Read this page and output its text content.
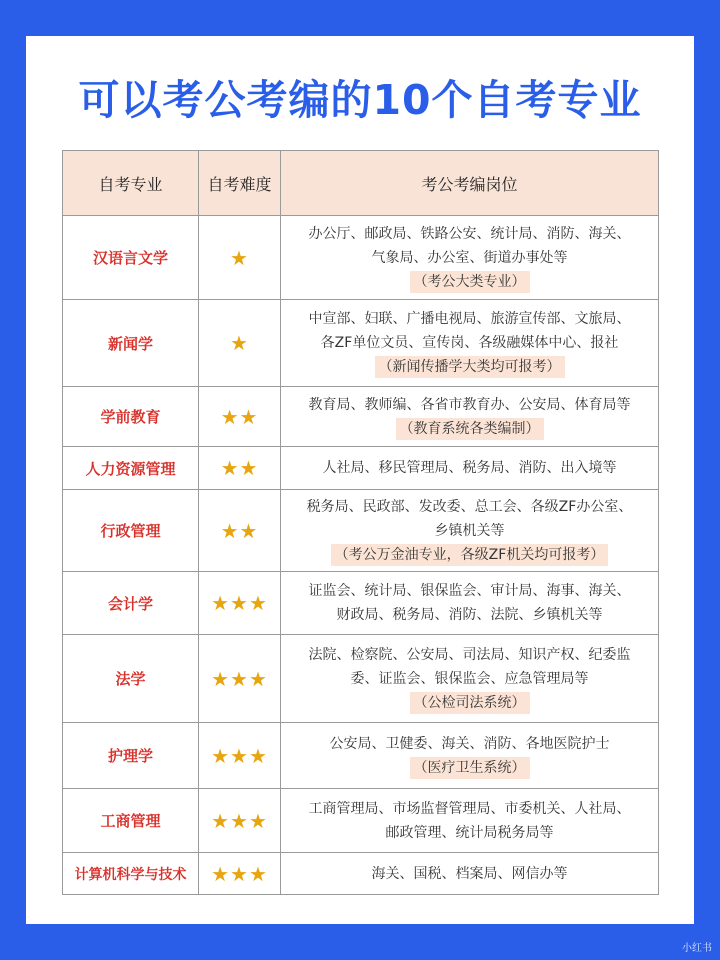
可以考公考编的10个自考专业
自考专业	自考难度	考公考编岗位
汉语言文学	★	办公厅、邮政局、铁路公安、统计局、消防、海关、
气象局、办公室、街道办事处等
（考公大类专业）
新闻学	★	中宣部、妇联、广播电视局、旅游宣传部、文旅局、
各ZF单位文员、宣传岗、各级融媒体中心、报社
（新闻传播学大类均可报考）
学前教育	★★	教育局、教师编、各省市教育办、公安局、体育局等
（教育系统各类编制）
人力资源管理	★★	人社局、移民管理局、税务局、消防、出入境等

行政管理	★★	税务局、民政部、发改委、总工会、各级ZF办公室、
乡镇机关等
（考公万金油专业，各级ZF机关均可报考）
会计学	★★★	证监会、统计局、银保监会、审计局、海事、海关、
财政局、税务局、消防、法院、乡镇机关等

法学	★★★	法院、检察院、公安局、司法局、知识产权、纪委监
委、证监会、银保监会、应急管理局等
（公检司法系统）
护理学	★★★	公安局、卫健委、海关、消防、各地医院护士
（医疗卫生系统）
工商管理	★★★	工商管理局、市场监督管理局、市委机关、人社局、
邮政管理、统计局税务局等

计算机科学与技术	★★★	海关、国税、档案局、网信办等
小红书
